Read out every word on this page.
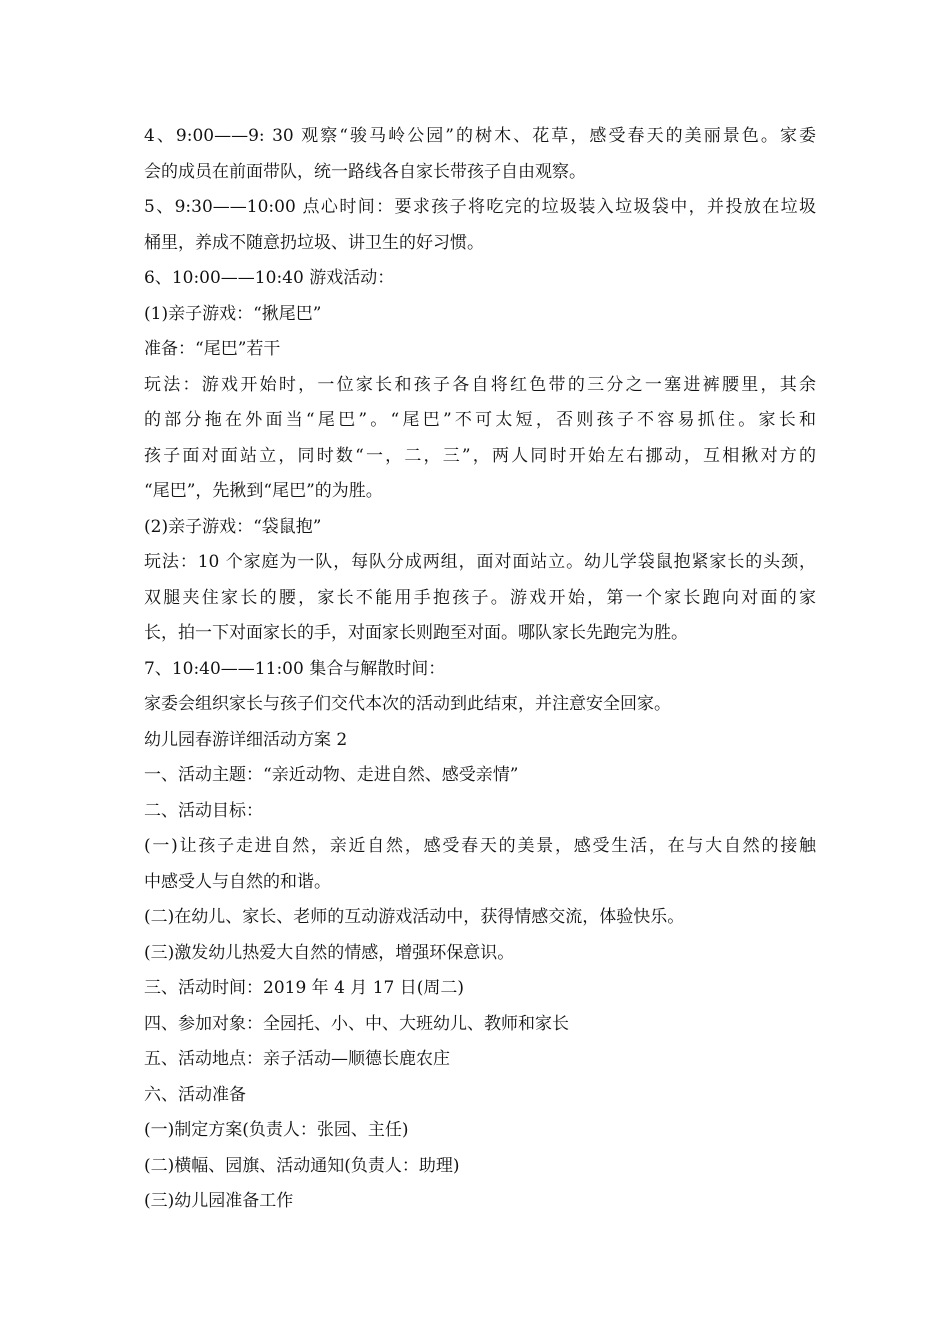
4、9:00——9: 30 观察“骏马岭公园”的树木、花草，感受春天的美丽景色。家委
会的成员在前面带队，统一路线各自家长带孩子自由观察。
5、9:30——10:00 点心时间：要求孩子将吃完的垃圾装入垃圾袋中，并投放在垃圾
桶里，养成不随意扔垃圾、讲卫生的好习惯。
6、10:00——10:40 游戏活动：
(1)亲子游戏：“揪尾巴”
准备：“尾巴”若干
玩法：游戏开始时，一位家长和孩子各自将红色带的三分之一塞进裤腰里，其余
的部分拖在外面当“尾巴”。“尾巴”不可太短，否则孩子不容易抓住。家长和
孩子面对面站立，同时数“一，二，三”，两人同时开始左右挪动，互相揪对方的
“尾巴”，先揪到“尾巴”的为胜。
(2)亲子游戏：“袋鼠抱”
玩法：10 个家庭为一队，每队分成两组，面对面站立。幼儿学袋鼠抱紧家长的头颈，
双腿夹住家长的腰，家长不能用手抱孩子。游戏开始，第一个家长跑向对面的家
长，拍一下对面家长的手，对面家长则跑至对面。哪队家长先跑完为胜。
7、10:40——11:00 集合与解散时间：
家委会组织家长与孩子们交代本次的活动到此结束，并注意安全回家。
幼儿园春游详细活动方案 2
一、活动主题：“亲近动物、走进自然、感受亲情”
二、活动目标：
(一)让孩子走进自然，亲近自然，感受春天的美景，感受生活，在与大自然的接触
中感受人与自然的和谐。
(二)在幼儿、家长、老师的互动游戏活动中，获得情感交流，体验快乐。
(三)激发幼儿热爱大自然的情感，增强环保意识。
三、活动时间：2019 年 4 月 17 日(周二)
四、参加对象：全园托、小、中、大班幼儿、教师和家长
五、活动地点：亲子活动—顺德长鹿农庄
六、活动准备
(一)制定方案(负责人：张园、主任)
(二)横幅、园旗、活动通知(负责人：助理)
(三)幼儿园准备工作
